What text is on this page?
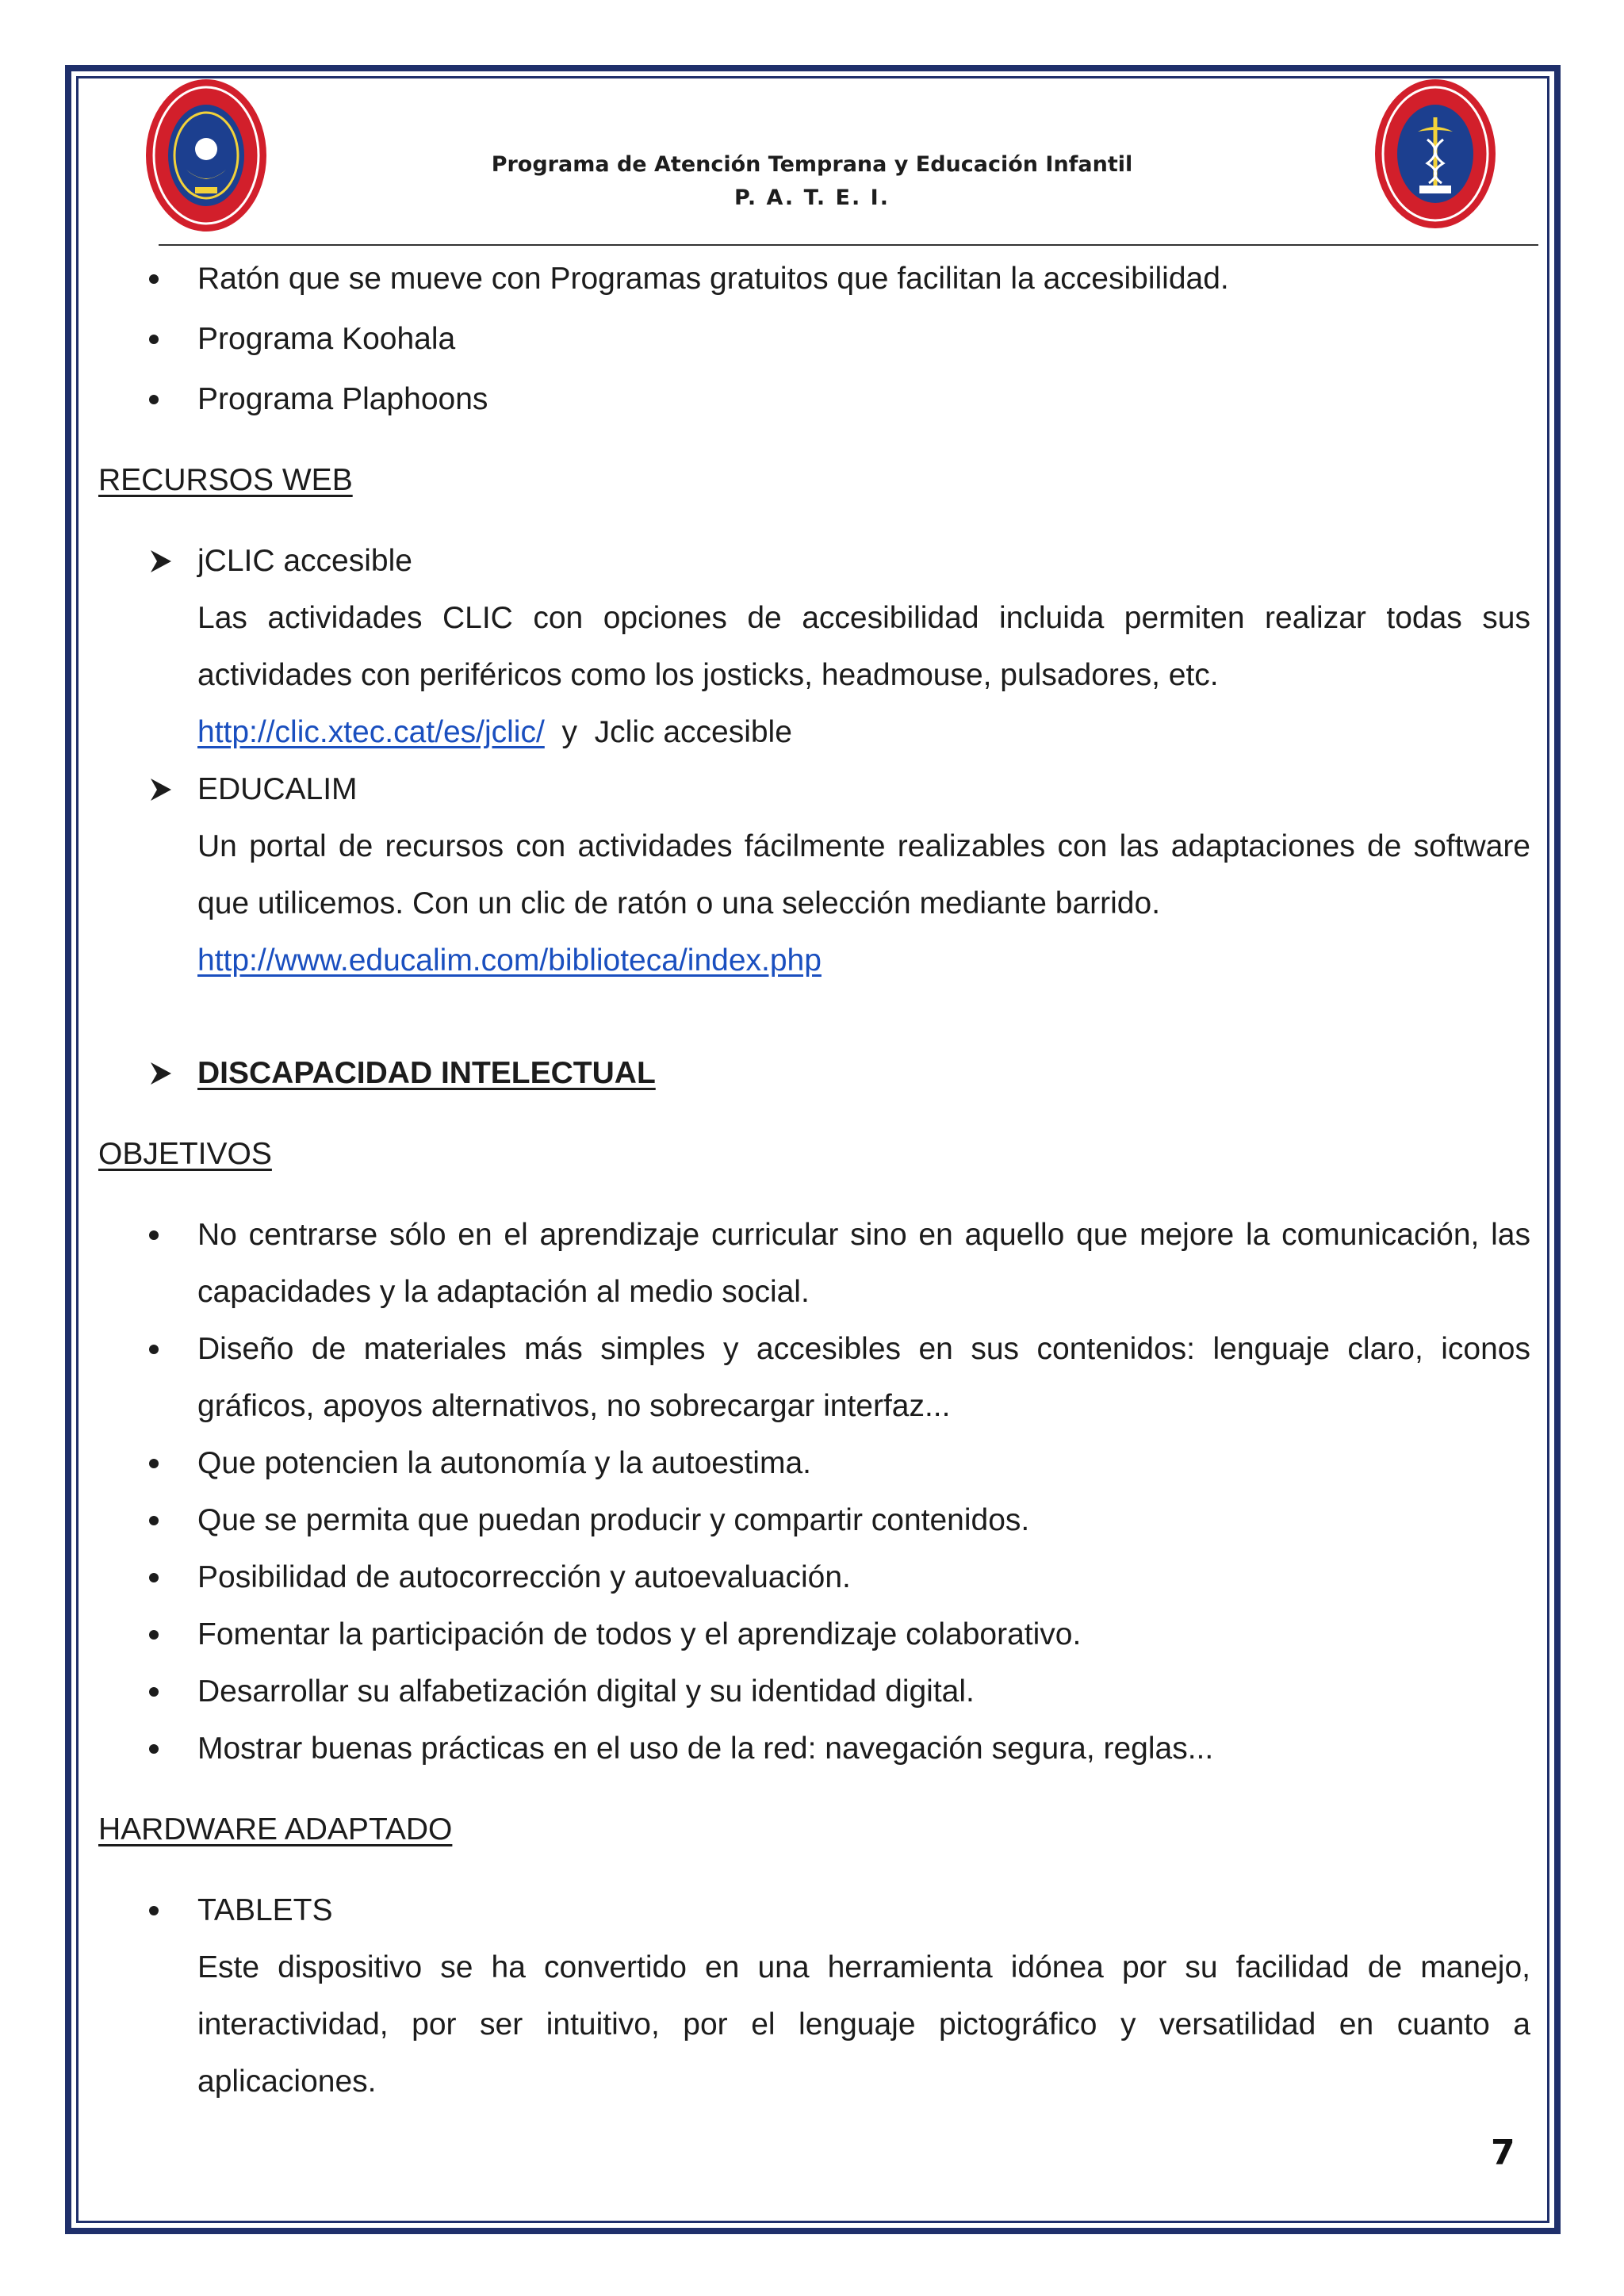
Programa de Atención Temprana y Educación Infantil
P. A. T. E. I.
Ratón que se mueve con Programas gratuitos que facilitan la accesibilidad.
Programa Koohala
Programa Plaphoons
RECURSOS WEB
jCLIC accesible
Las actividades CLIC con opciones de accesibilidad incluida permiten realizar todas sus actividades con periféricos como los josticks, headmouse, pulsadores, etc.
http://clic.xtec.cat/es/jclic/  y  Jclic accesible
EDUCALIM
Un portal de recursos con actividades fácilmente realizables con las adaptaciones de software que utilicemos. Con un clic de ratón o una selección mediante barrido.
http://www.educalim.com/biblioteca/index.php
DISCAPACIDAD INTELECTUAL
OBJETIVOS
No centrarse sólo en el aprendizaje curricular sino en aquello que mejore la comunicación, las capacidades y la adaptación al medio social.
Diseño de materiales más simples y accesibles en sus contenidos: lenguaje claro, iconos gráficos, apoyos alternativos, no sobrecargar interfaz...
Que potencien la autonomía y la autoestima.
Que se permita que puedan producir y compartir contenidos.
Posibilidad de autocorrección y autoevaluación.
Fomentar la participación de todos y el aprendizaje colaborativo.
Desarrollar su alfabetización digital y su identidad digital.
Mostrar buenas prácticas en el uso de la red: navegación segura, reglas...
HARDWARE ADAPTADO
TABLETS
Este dispositivo se ha convertido en una herramienta idónea por su facilidad de manejo, interactividad, por ser intuitivo, por el lenguaje pictográfico y versatilidad en cuanto a aplicaciones.
7
